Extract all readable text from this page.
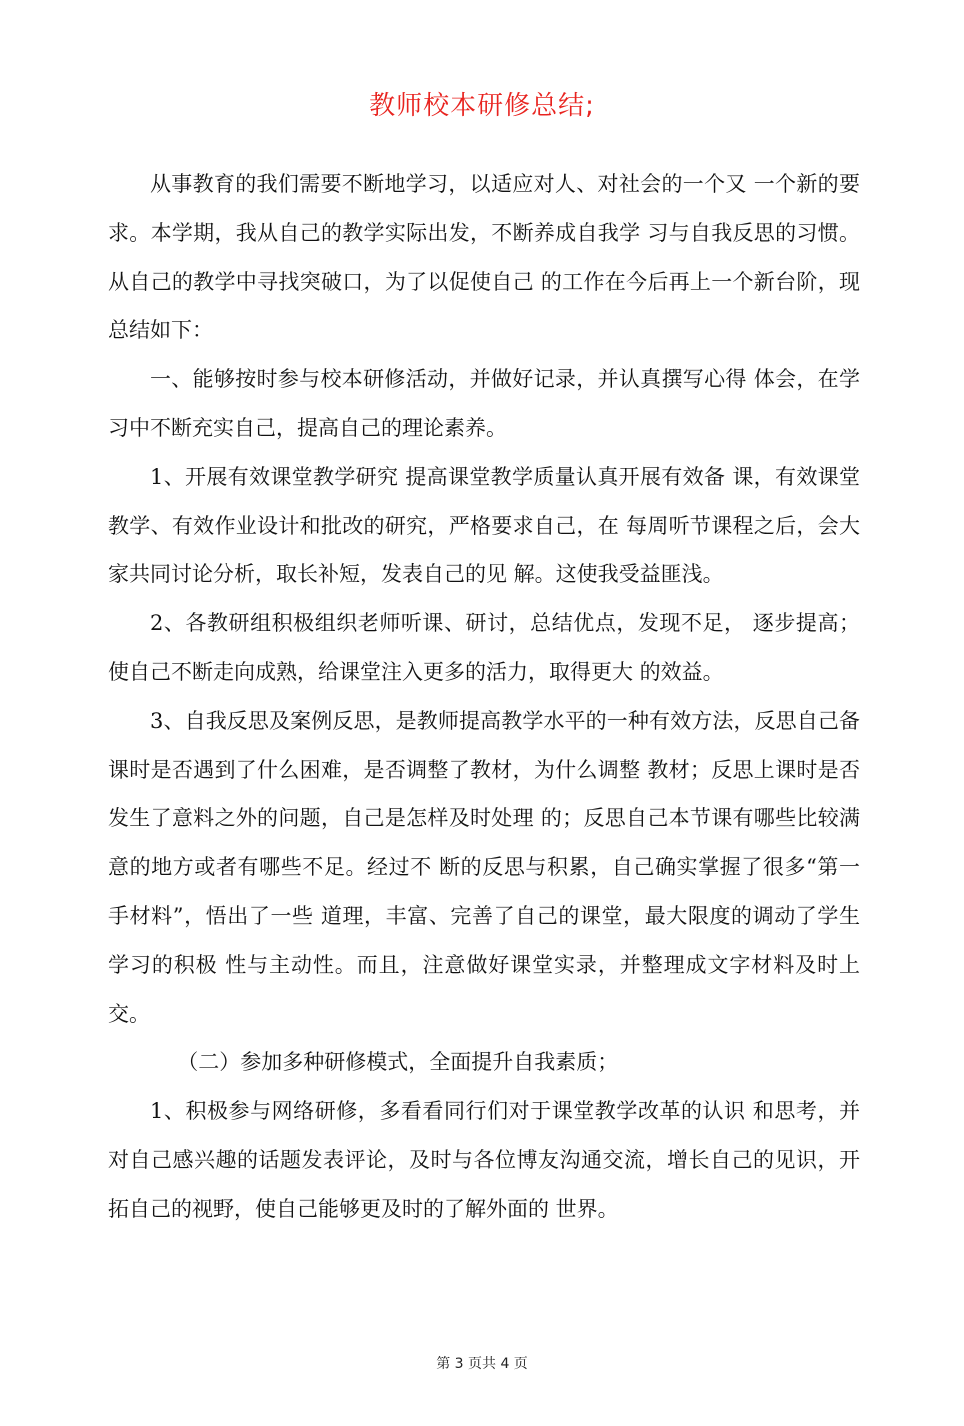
教师校本研修总结;

从事教育的我们需要不断地学习，以适应对人、对社会的一个又 一个新的要求。本学期，我从自己的教学实际出发，不断养成自我学 习与自我反思的习惯。从自己的教学中寻找突破口，为了以促使自己 的工作在今后再上一个新台阶，现总结如下：

一、能够按时参与校本研修活动，并做好记录，并认真撰写心得 体会，在学习中不断充实自己，提高自己的理论素养。

1、开展有效课堂教学研究 提高课堂教学质量认真开展有效备 课，有效课堂教学、有效作业设计和批改的研究，严格要求自己，在 每周听节课程之后，会大家共同讨论分析，取长补短，发表自己的见 解。这使我受益匪浅。

2、各教研组积极组织老师听课、研讨，总结优点，发现不足， 逐步提高；使自己不断走向成熟，给课堂注入更多的活力，取得更大 的效益。

3、自我反思及案例反思，是教师提高教学水平的一种有效方法，反思自己备课时是否遇到了什么困难，是否调整了教材，为什么调整 教材；反思上课时是否发生了意料之外的问题，自己是怎样及时处理 的；反思自己本节课有哪些比较满意的地方或者有哪些不足。经过不 断的反思与积累，自己确实掌握了很多“第一手材料”，悟出了一些 道理，丰富、完善了自己的课堂，最大限度的调动了学生学习的积极 性与主动性。而且，注意做好课堂实录，并整理成文字材料及时上交。

（二）参加多种研修模式，全面提升自我素质；

1、积极参与网络研修，多看看同行们对于课堂教学改革的认识 和思考，并对自己感兴趣的话题发表评论，及时与各位博友沟通交流，增长自己的见识，开拓自己的视野，使自己能够更及时的了解外面的 世界。

第 3 页共 4 页
